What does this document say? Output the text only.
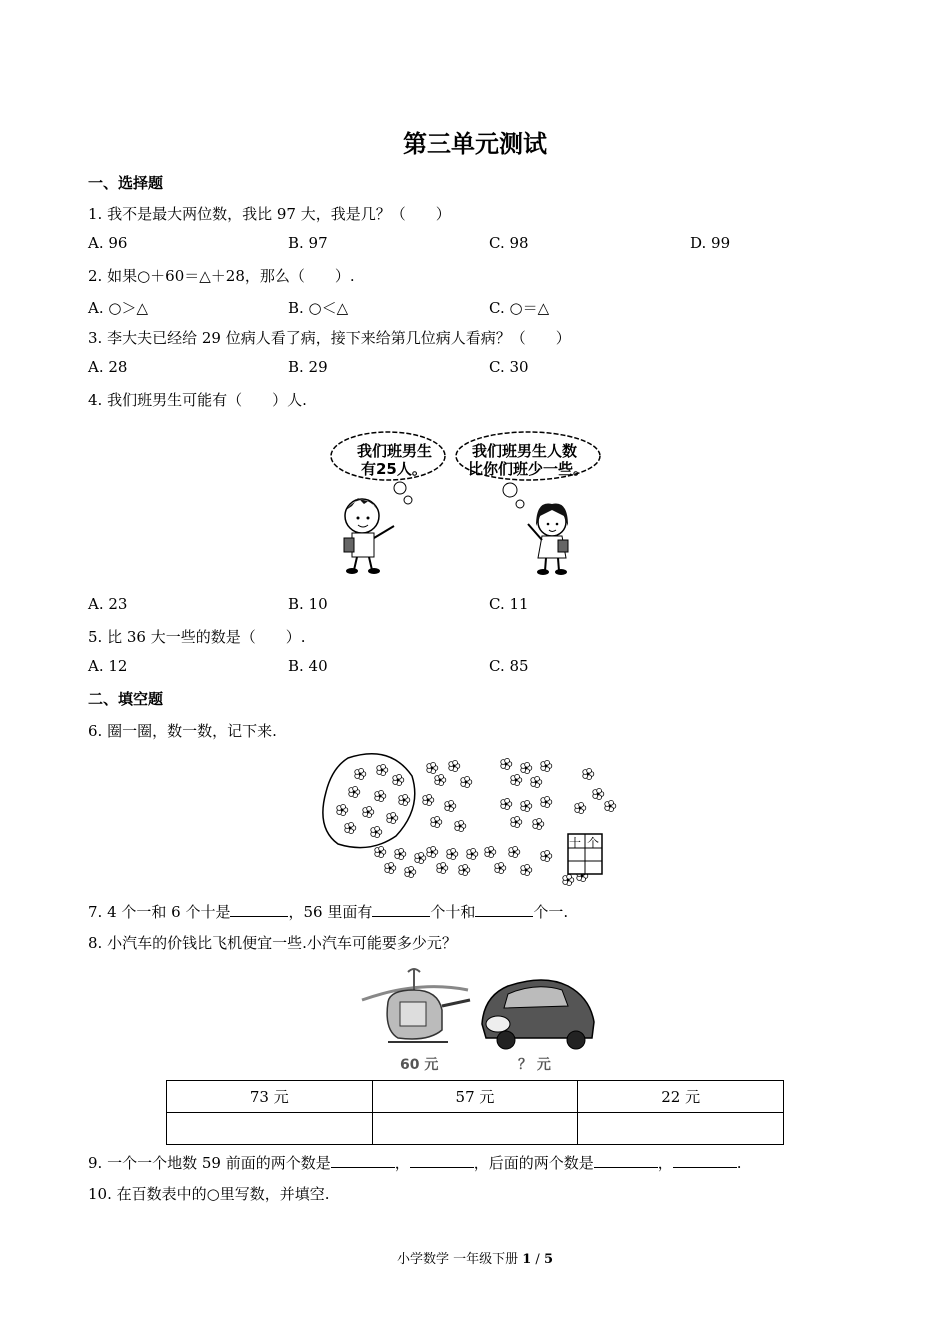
第三单元测试
一、选择题
1. 我不是最大两位数，我比 97 大，我是几？（　　）
A. 96	B. 97	C. 98	D. 99
2. 如果○＋60＝△＋28，那么（　　）.
A. ○＞△	B. ○＜△	C. ○＝△
3. 李大夫已经给 29 位病人看了病，接下来给第几位病人看病？（　　）
A. 28	B. 29	C. 30
4. 我们班男生可能有（　　）人.
我们班男生
有25人。
我们班男生人数
比你们班少一些。
A. 23	B. 10	C. 11
5. 比 36 大一些的数是（　　）.
A. 12	B. 40	C. 85
二、填空题
6. 圈一圈，数一数，记下来.
十 个
7. 4 个一和 6 个十是	，56 里面有	个十和	个一.
8. 小汽车的价钱比飞机便宜一些.小汽车可能要多少元？
60 元	？ 元
73 元	57 元	22 元

9. 一个一个地数 59 前面的两个数是	，	，后面的两个数是	，	.
10. 在百数表中的○里写数，并填空.
小学数学 一年级下册 1 / 5
